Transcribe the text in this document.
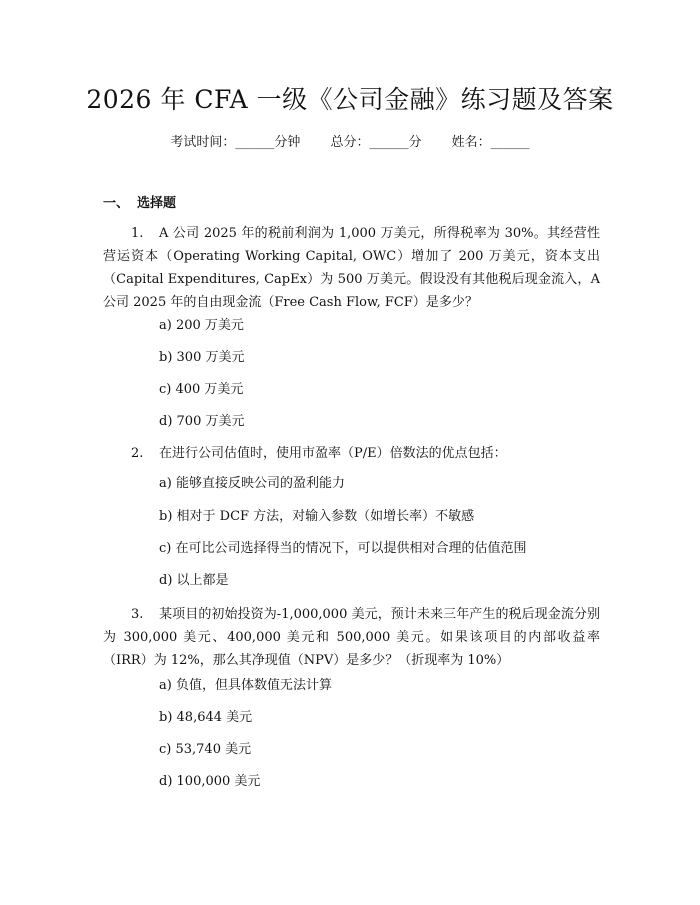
2026 年 CFA 一级《公司金融》练习题及答案
考试时间：______分钟 总分：______分 姓名：______
一、 选择题
1. A 公司 2025 年的税前利润为 1,000 万美元，所得税率为 30%。其经营性营运资本（Operating Working Capital, OWC）增加了 200 万美元，资本支出（Capital Expenditures, CapEx）为 500 万美元。假设没有其他税后现金流入，A 公司 2025 年的自由现金流（Free Cash Flow, FCF）是多少？
a) 200 万美元
b) 300 万美元
c) 400 万美元
d) 700 万美元
2. 在进行公司估值时，使用市盈率（P/E）倍数法的优点包括：
a) 能够直接反映公司的盈利能力
b) 相对于 DCF 方法，对输入参数（如增长率）不敏感
c) 在可比公司选择得当的情况下，可以提供相对合理的估值范围
d) 以上都是
3. 某项目的初始投资为-1,000,000 美元，预计未来三年产生的税后现金流分别为 300,000 美元、400,000 美元和 500,000 美元。如果该项目的内部收益率（IRR）为 12%，那么其净现值（NPV）是多少？（折现率为 10%）
a) 负值，但具体数值无法计算
b) 48,644 美元
c) 53,740 美元
d) 100,000 美元
